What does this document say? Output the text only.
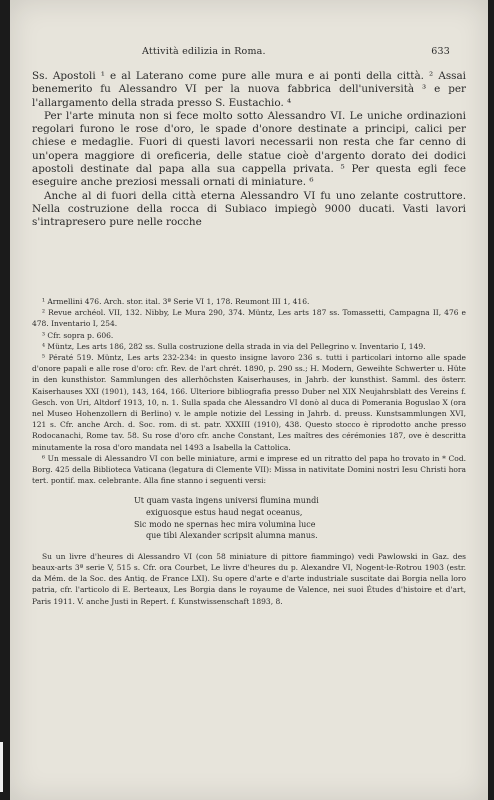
Attività edilizia in Roma.	633

Ss. Apostoli ¹ e al Laterano come pure alle mura e ai ponti della città. ² Assai benemerito fu Alessandro VI per la nuova fabbrica dell'università ³ e per l'allargamento della strada presso S. Eustachio. ⁴

Per l'arte minuta non si fece molto sotto Alessandro VI. Le uniche ordinazioni regolari furono le rose d'oro, le spade d'onore destinate a principi, calici per chiese e medaglie. Fuori di questi lavori necessarii non resta che far cenno di un'opera maggiore di oreficeria, delle statue cioè d'argento dorato dei dodici apostoli destinate dal papa alla sua cappella privata. ⁵ Per questa egli fece eseguire anche preziosi messali ornati di miniature. ⁶

Anche al di fuori della città eterna Alessandro VI fu uno zelante costruttore. Nella costruzione della rocca di Subiaco impiegò 9000 ducati. Vasti lavori s'intrapresero pure nelle rocche

¹ Armellini 476. Arch. stor. ital. 3ª Serie VI 1, 178. Reumont III 1, 416.

² Revue archéol. VII, 132. Nibby, Le Mura 290, 374. Müntz, Les arts 187 ss. Tomassetti, Campagna II, 476 e 478. Inventario I, 254.

³ Cfr. sopra p. 606.

⁴ Müntz, Les arts 186, 282 ss. Sulla costruzione della strada in via del Pellegrino v. Inventario I, 149.

⁵ Pératé 519. Müntz, Les arts 232-234: in questo insigne lavoro 236 s. tutti i particolari intorno alle spade d'onore papali e alle rose d'oro: cfr. Rev. de l'art chrét. 1890, p. 290 ss.; H. Modern, Geweihte Schwerter u. Hüte in den kunsthistor. Sammlungen des allerhöchsten Kaiserhauses, in Jahrb. der kunsthist. Samml. des österr. Kaiserhauses XXI (1901), 143, 164, 166. Ulteriore bibliografia presso Duber nel XIX Neujahrsblatt des Vereins f. Gesch. von Uri, Altdorf 1913, 10, n. 1. Sulla spada che Alessandro VI donò al duca di Pomerania Boguslao X (ora nel Museo Hohenzollern di Berlino) v. le ample notizie del Lessing in Jahrb. d. preuss. Kunstsammlungen XVI, 121 s. Cfr. anche Arch. d. Soc. rom. di st. patr. XXXIII (1910), 438. Questo stocco è riprodotto anche presso Rodocanachi, Rome tav. 58. Su rose d'oro cfr. anche Constant, Les maîtres des cérémonies 187, ove è descritta minutamente la rosa d'oro mandata nel 1493 a Isabella la Cattolica.

⁶ Un messale di Alessandro VI con belle miniature, armi e imprese ed un ritratto del papa ho trovato in * Cod. Borg. 425 della Biblioteca Vaticana (legatura di Clemente VII): Missa in nativitate Domini nostri Iesu Christi hora tert. pontif. max. celebrante. Alla fine stanno i seguenti versi:

Ut quam vasta ingens universi flumina mundi
exiguosque estus haud negat oceanus,
Sic modo ne spernas hec mira volumina luce
que tibi Alexander scripsit alumna manus.

Su un livre d'heures di Alessandro VI (con 58 miniature di pittore fiammingo) vedi Pawlowski in Gaz. des beaux-arts 3ª serie V, 515 s. Cfr. ora Courbet, Le livre d'heures du p. Alexandre VI, Nogent-le-Rotrou 1903 (estr. da Mém. de la Soc. des Antiq. de France LXI). Su opere d'arte e d'arte industriale suscitate dai Borgia nella loro patria, cfr. l'articolo di E. Berteaux, Les Borgia dans le royaume de Valence, nei suoi Études d'histoire et d'art, Paris 1911. V. anche Justi in Repert. f. Kunstwissenschaft 1893, 8.
